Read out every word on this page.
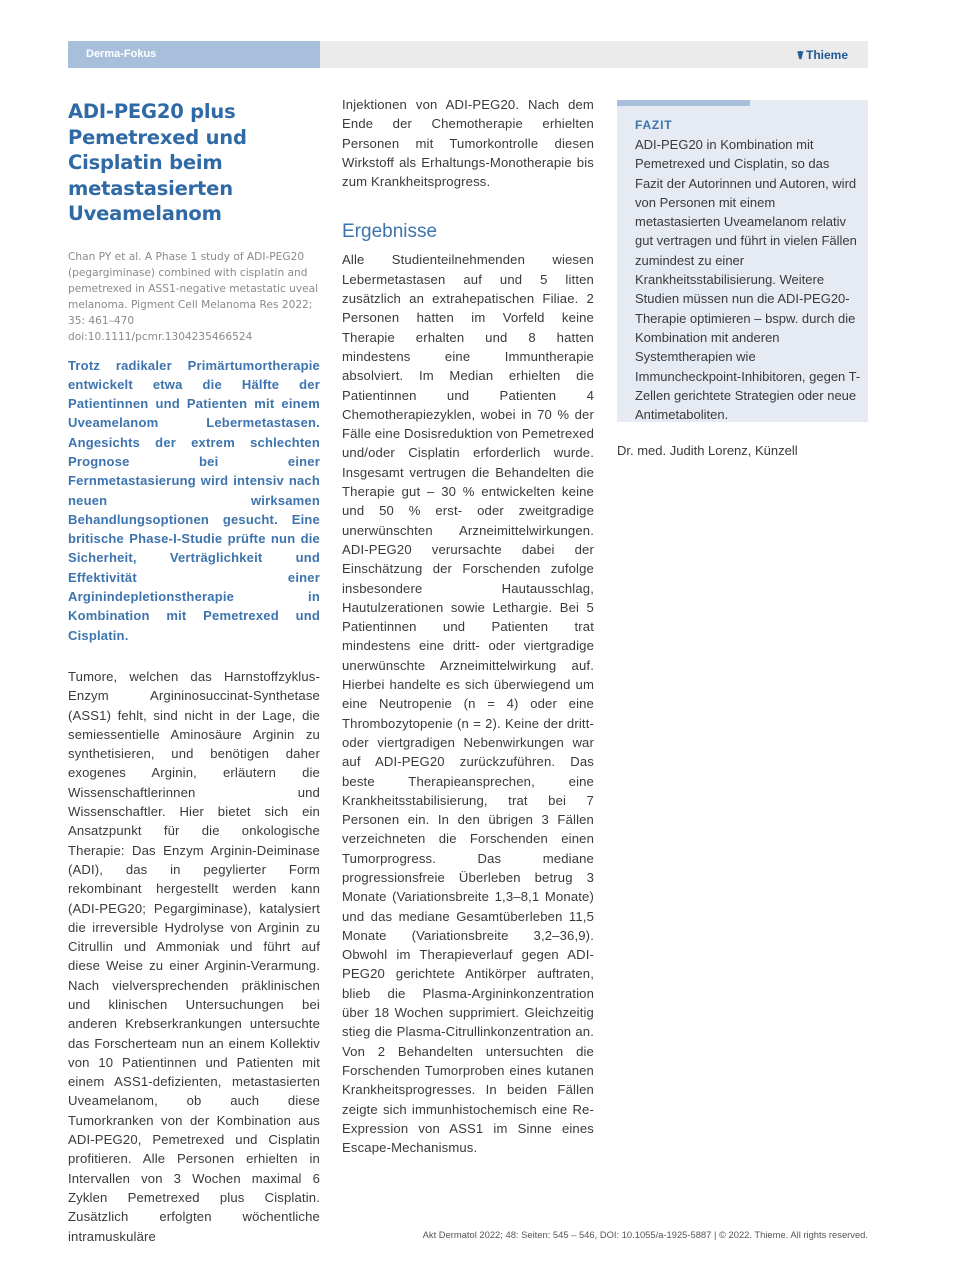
Derma-Fokus	☤ Thieme
ADI-PEG20 plus Pemetrexed und Cisplatin beim metastasierten Uveamelanom
Chan PY et al. A Phase 1 study of ADI-PEG20 (pegargiminase) combined with cisplatin and pemetrexed in ASS1-negative metastatic uveal melanoma. Pigment Cell Melanoma Res 2022; 35: 461–470 doi:10.1111/pcmr.1304235466524

Trotz radikaler Primärtumortherapie entwickelt etwa die Hälfte der Patientinnen und Patienten mit einem Uveamelanom Lebermetastasen. Angesichts der extrem schlechten Prognose bei einer Fernmetastasierung wird intensiv nach neuen wirksamen Behandlungsoptionen gesucht. Eine britische Phase-I-Studie prüfte nun die Sicherheit, Verträglichkeit und Effektivität einer Arginindepletionstherapie in Kombination mit Pemetrexed und Cisplatin.

Tumore, welchen das Harnstoffzyklus-Enzym Argininosuccinat-Synthetase (ASS1) fehlt, sind nicht in der Lage, die semiessentielle Aminosäure Arginin zu synthetisieren, und benötigen daher exogenes Arginin, erläutern die Wissenschaftlerinnen und Wissenschaftler. Hier bietet sich ein Ansatzpunkt für die onkologische Therapie: Das Enzym Arginin-Deiminase (ADI), das in pegylierter Form rekombinant hergestellt werden kann (ADI-PEG20; Pegargiminase), katalysiert die irreversible Hydrolyse von Arginin zu Citrullin und Ammoniak und führt auf diese Weise zu einer Arginin-Verarmung. Nach vielversprechenden präklinischen und klinischen Untersuchungen bei anderen Krebserkrankungen untersuchte das Forscherteam nun an einem Kollektiv von 10 Patientinnen und Patienten mit einem ASS1-defizienten, metastasierten Uveamelanom, ob auch diese Tumorkranken von der Kombination aus ADI-PEG20, Pemetrexed und Cisplatin profitieren. Alle Personen erhielten in Intervallen von 3 Wochen maximal 6 Zyklen Pemetrexed plus Cisplatin. Zusätzlich erfolgten wöchentliche intramuskuläre

Injektionen von ADI-PEG20. Nach dem Ende der Chemotherapie erhielten Personen mit Tumorkontrolle diesen Wirkstoff als Erhaltungs-Monotherapie bis zum Krankheitsprogress.

Ergebnisse

Alle Studienteilnehmenden wiesen Lebermetastasen auf und 5 litten zusätzlich an extrahepatischen Filiae. 2 Personen hatten im Vorfeld keine Therapie erhalten und 8 hatten mindestens eine Immuntherapie absolviert. Im Median erhielten die Patientinnen und Patienten 4 Chemotherapiezyklen, wobei in 70 % der Fälle eine Dosisreduktion von Pemetrexed und/oder Cisplatin erforderlich wurde. Insgesamt vertrugen die Behandelten die Therapie gut – 30 % entwickelten keine und 50 % erst- oder zweitgradige unerwünschten Arzneimittelwirkungen. ADI-PEG20 verursachte dabei der Einschätzung der Forschenden zufolge insbesondere Hautausschlag, Hautulzerationen sowie Lethargie. Bei 5 Patientinnen und Patienten trat mindestens eine dritt- oder viertgradige unerwünschte Arzneimittelwirkung auf. Hierbei handelte es sich überwiegend um eine Neutropenie (n = 4) oder eine Thrombozytopenie (n = 2). Keine der dritt- oder viertgradigen Nebenwirkungen war auf ADI-PEG20 zurückzuführen. Das beste Therapieansprechen, eine Krankheitsstabilisierung, trat bei 7 Personen ein. In den übrigen 3 Fällen verzeichneten die Forschenden einen Tumorprogress. Das mediane progressionsfreie Überleben betrug 3 Monate (Variationsbreite 1,3–8,1 Monate) und das mediane Gesamtüberleben 11,5 Monate (Variationsbreite 3,2–36,9). Obwohl im Therapieverlauf gegen ADI-PEG20 gerichtete Antikörper auftraten, blieb die Plasma-Argininkonzentration über 18 Wochen supprimiert. Gleichzeitig stieg die Plasma-Citrullinkonzentration an. Von 2 Behandelten untersuchten die Forschenden Tumorproben eines kutanen Krankheitsprogresses. In beiden Fällen zeigte sich immunhistochemisch eine Re-Expression von ASS1 im Sinne eines Escape-Mechanismus.

FAZIT
ADI-PEG20 in Kombination mit Pemetrexed und Cisplatin, so das Fazit der Autorinnen und Autoren, wird von Personen mit einem metastasierten Uveamelanom relativ gut vertragen und führt in vielen Fällen zumindest zu einer Krankheitsstabilisierung. Weitere Studien müssen nun die ADI-PEG20-Therapie optimieren – bspw. durch die Kombination mit anderen Systemtherapien wie Immuncheckpoint-Inhibitoren, gegen T-Zellen gerichtete Strategien oder neue Antimetaboliten.
Dr. med. Judith Lorenz, Künzell
Akt Dermatol 2022; 48: Seiten: 545 – 546, DOI: 10.1055/a-1925-5887 | © 2022. Thieme. All rights reserved.
